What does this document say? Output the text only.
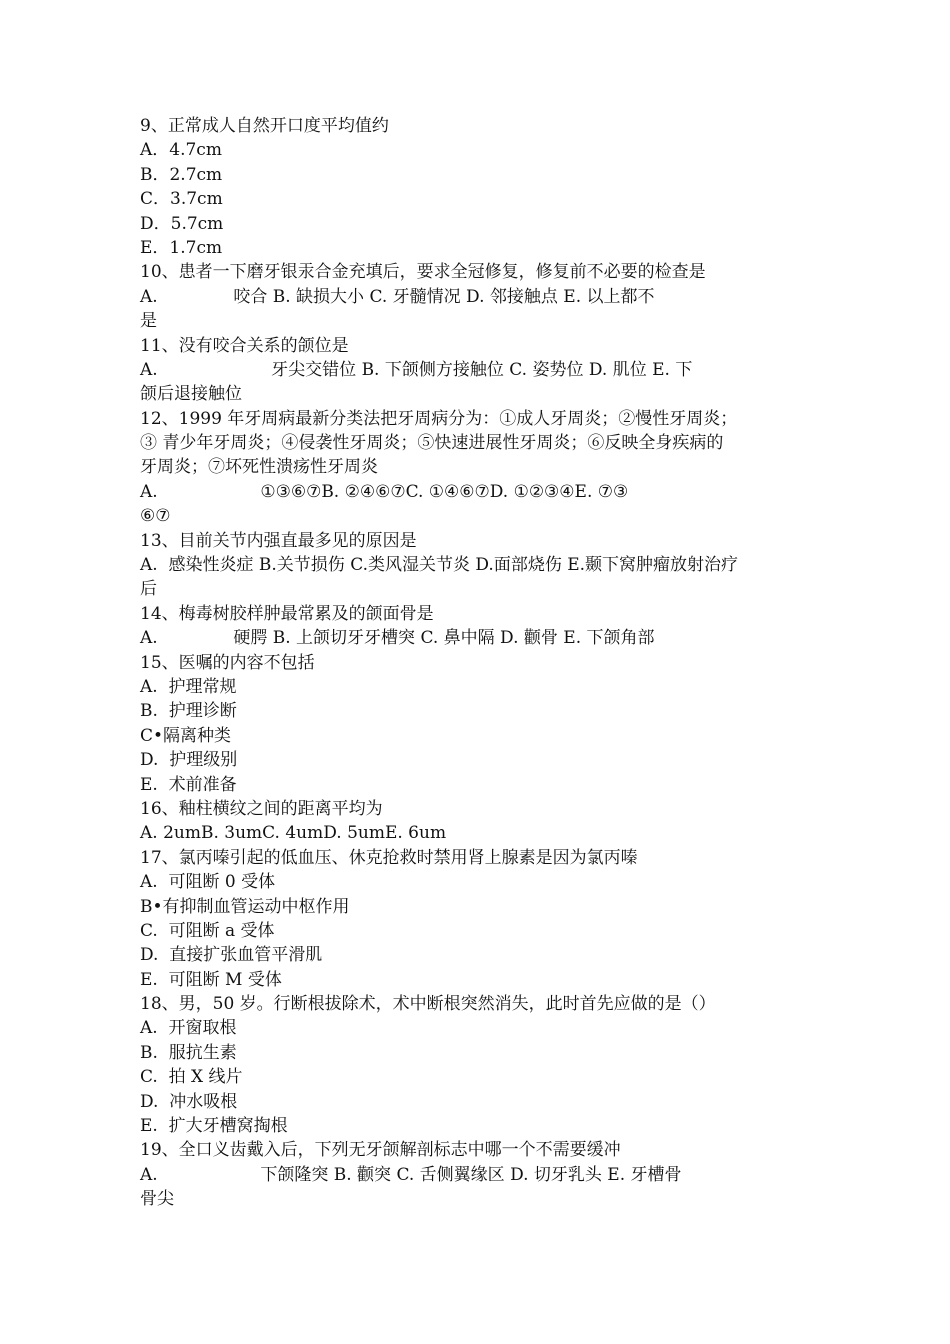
9、正常成人自然开口度平均值约
A．4.7cm
B．2.7cm
C．3.7cm
D．5.7cm
E．1.7cm
10、患者一下磨牙银汞合金充填后，要求全冠修复，修复前不必要的检查是
A.              咬合 B. 缺损大小 C. 牙髓情况 D. 邻接触点 E. 以上都不
是
11、没有咬合关系的颌位是
A.                     牙尖交错位 B. 下颌侧方接触位 C. 姿势位 D. 肌位 E. 下
颌后退接触位
12、1999 年牙周病最新分类法把牙周病分为：①成人牙周炎；②慢性牙周炎；
③ 青少年牙周炎；④侵袭性牙周炎；⑤快速进展性牙周炎；⑥反映全身疾病的
牙周炎；⑦坏死性溃疡性牙周炎
A.                   ①③⑥⑦B. ②④⑥⑦C. ①④⑥⑦D. ①②③④E. ⑦③
⑥⑦
13、目前关节内强直最多见的原因是
A.  感染性炎症 B.关节损伤 C.类风湿关节炎 D.面部烧伤 E.颞下窝肿瘤放射治疗
后
14、梅毒树胶样肿最常累及的颌面骨是
A.              硬腭 B. 上颌切牙牙槽突 C. 鼻中隔 D. 颧骨 E. 下颌角部
15、医嘱的内容不包括
A.  护理常规
B.  护理诊断
C•隔离种类
D.  护理级别
E.  术前准备
16、釉柱横纹之间的距离平均为
A. 2umB. 3umC. 4umD. 5umE. 6um
17、氯丙嗪引起的低血压、休克抢救时禁用肾上腺素是因为氯丙嗪
A.  可阻断 0 受体
B•有抑制血管运动中枢作用
C.  可阻断 a 受体
D.  直接扩张血管平滑肌
E.  可阻断 M 受体
18、男，50 岁。行断根拔除术，术中断根突然消失，此时首先应做的是（）
A.  开窗取根
B.  服抗生素
C.  拍 X 线片
D.  冲水吸根
E.  扩大牙槽窝掏根
19、全口义齿戴入后，下列无牙颌解剖标志中哪一个不需要缓冲
A.                   下颌隆突 B. 颧突 C. 舌侧翼缘区 D. 切牙乳头 E. 牙槽骨
骨尖
